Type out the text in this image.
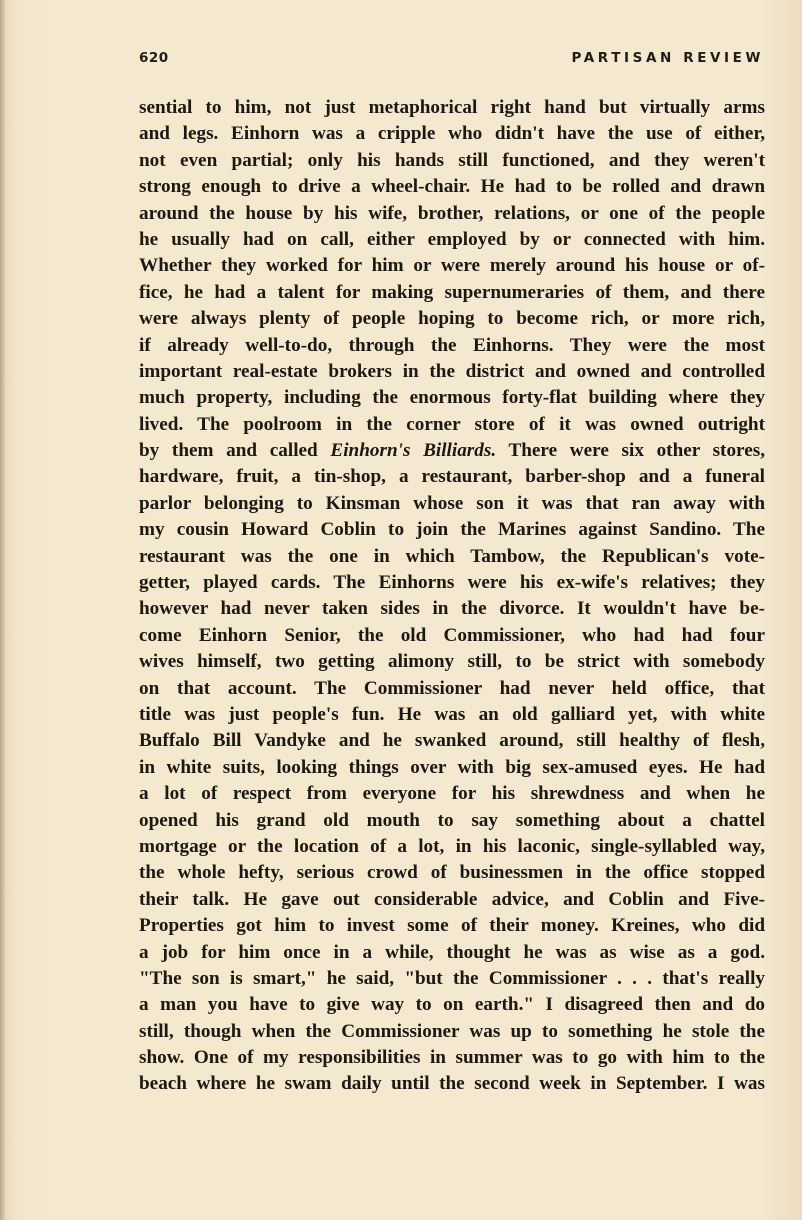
620	PARTISAN REVIEW
sential to him, not just metaphorical right hand but virtually arms
and legs. Einhorn was a cripple who didn't have the use of either,
not even partial; only his hands still functioned, and they weren't
strong enough to drive a wheel-chair. He had to be rolled and drawn
around the house by his wife, brother, relations, or one of the people
he usually had on call, either employed by or connected with him.
Whether they worked for him or were merely around his house or of-
fice, he had a talent for making supernumeraries of them, and there
were always plenty of people hoping to become rich, or more rich,
if already well-to-do, through the Einhorns. They were the most
important real-estate brokers in the district and owned and controlled
much property, including the enormous forty-flat building where they
lived. The poolroom in the corner store of it was owned outright
by them and called Einhorn's Billiards. There were six other stores,
hardware, fruit, a tin-shop, a restaurant, barber-shop and a funeral
parlor belonging to Kinsman whose son it was that ran away with
my cousin Howard Coblin to join the Marines against Sandino. The
restaurant was the one in which Tambow, the Republican's vote-
getter, played cards. The Einhorns were his ex-wife's relatives; they
however had never taken sides in the divorce. It wouldn't have be-
come Einhorn Senior, the old Commissioner, who had had four
wives himself, two getting alimony still, to be strict with somebody
on that account. The Commissioner had never held office, that
title was just people's fun. He was an old galliard yet, with white
Buffalo Bill Vandyke and he swanked around, still healthy of flesh,
in white suits, looking things over with big sex-amused eyes. He had
a lot of respect from everyone for his shrewdness and when he
opened his grand old mouth to say something about a chattel
mortgage or the location of a lot, in his laconic, single-syllabled way,
the whole hefty, serious crowd of businessmen in the office stopped
their talk. He gave out considerable advice, and Coblin and Five-
Properties got him to invest some of their money. Kreines, who did
a job for him once in a while, thought he was as wise as a god.
"The son is smart," he said, "but the Commissioner . . . that's really
a man you have to give way to on earth." I disagreed then and do
still, though when the Commissioner was up to something he stole the
show. One of my responsibilities in summer was to go with him to the
beach where he swam daily until the second week in September. I was
